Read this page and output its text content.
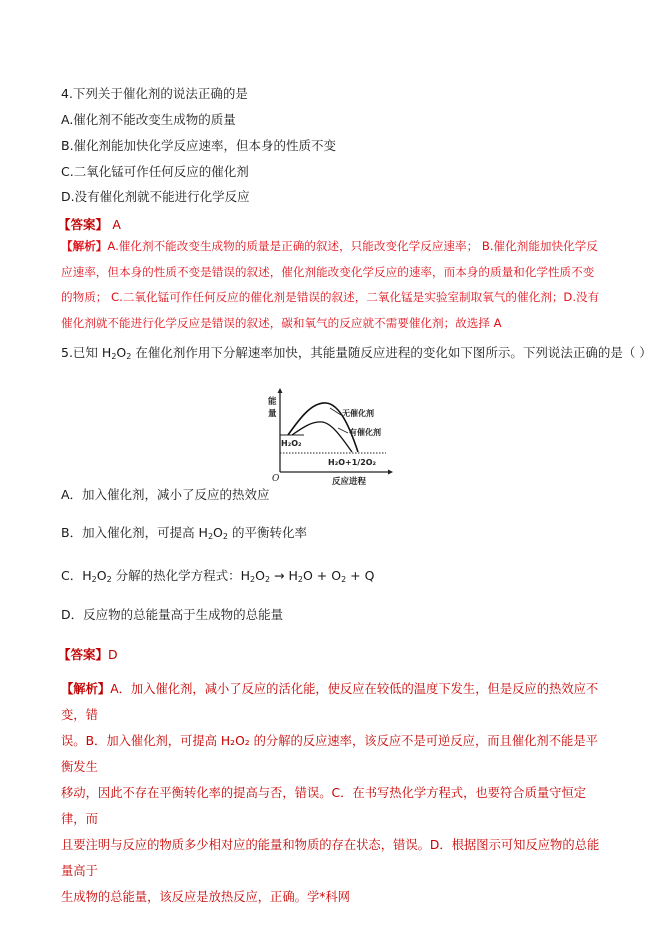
4.下列关于催化剂的说法正确的是
A.催化剂不能改变生成物的质量
B.催化剂能加快化学反应速率，但本身的性质不变
C.二氧化锰可作任何反应的催化剂
D.没有催化剂就不能进行化学反应
【答案】 A
【解析】A.催化剂不能改变生成物的质量是正确的叙述，只能改变化学反应速率； B.催化剂能加快化学反
应速率，但本身的性质不变是错误的叙述，催化剂能改变化学反应的速率，而本身的质量和化学性质不变
的物质； C.二氧化锰可作任何反应的催化剂是错误的叙述，二氧化锰是实验室制取氧气的催化剂；D.没有
催化剂就不能进行化学反应是错误的叙述，碳和氧气的反应就不需要催化剂；故选择 A
5.已知 $H_2O_2$ 在催化剂作用下分解速率加快，其能量随反应进程的变化如下图所示。下列说法正确的是（ ）
能
量
H₂O₂
无催化剂
有催化剂
H₂O+1/2O₂
O	反应进程
A．加入催化剂，减小了反应的热效应
B．加入催化剂，可提高 $H_2O_2$ 的平衡转化率
C．$H_2O_2$ 分解的热化学方程式：$H_2O_2 \to H_2O + O_2 + Q$
D．反应物的总能量高于生成物的总能量
【答案】D
【解析】A．加入催化剂，减小了反应的活化能，使反应在较低的温度下发生，但是反应的热效应不变，错
误。B．加入催化剂，可提高 H₂O₂ 的分解的反应速率，该反应不是可逆反应，而且催化剂不能是平衡发生
移动，因此不存在平衡转化率的提高与否，错误。C．在书写热化学方程式，也要符合质量守恒定律，而
且要注明与反应的物质多少相对应的能量和物质的存在状态，错误。D．根据图示可知反应物的总能量高于
生成物的总能量，该反应是放热反应，正确。学*科网
